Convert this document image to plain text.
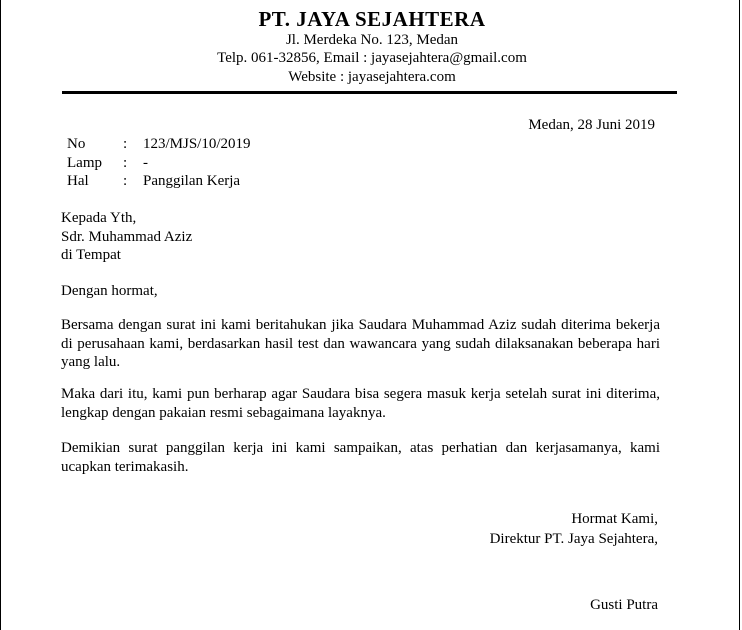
PT. JAYA SEJAHTERA
Jl. Merdeka No. 123, Medan
Telp. 061-32856, Email : jayasejahtera@gmail.com
Website : jayasejahtera.com
Medan, 28 Juni 2019
No	:	123/MJS/10/2019
Lamp	:	-
Hal	:	Panggilan Kerja
Kepada Yth,
Sdr. Muhammad Aziz
di Tempat
Dengan hormat,
Bersama dengan surat ini kami beritahukan jika Saudara Muhammad Aziz sudah diterima bekerja di perusahaan kami, berdasarkan hasil test dan wawancara yang sudah dilaksanakan beberapa hari yang lalu.
Maka dari itu, kami pun berharap agar Saudara bisa segera masuk kerja setelah surat ini diterima, lengkap dengan pakaian resmi sebagaimana layaknya.
Demikian surat panggilan kerja ini kami sampaikan, atas perhatian dan kerjasamanya, kami ucapkan terimakasih.
Hormat Kami,
Direktur PT. Jaya Sejahtera,
Gusti Putra
